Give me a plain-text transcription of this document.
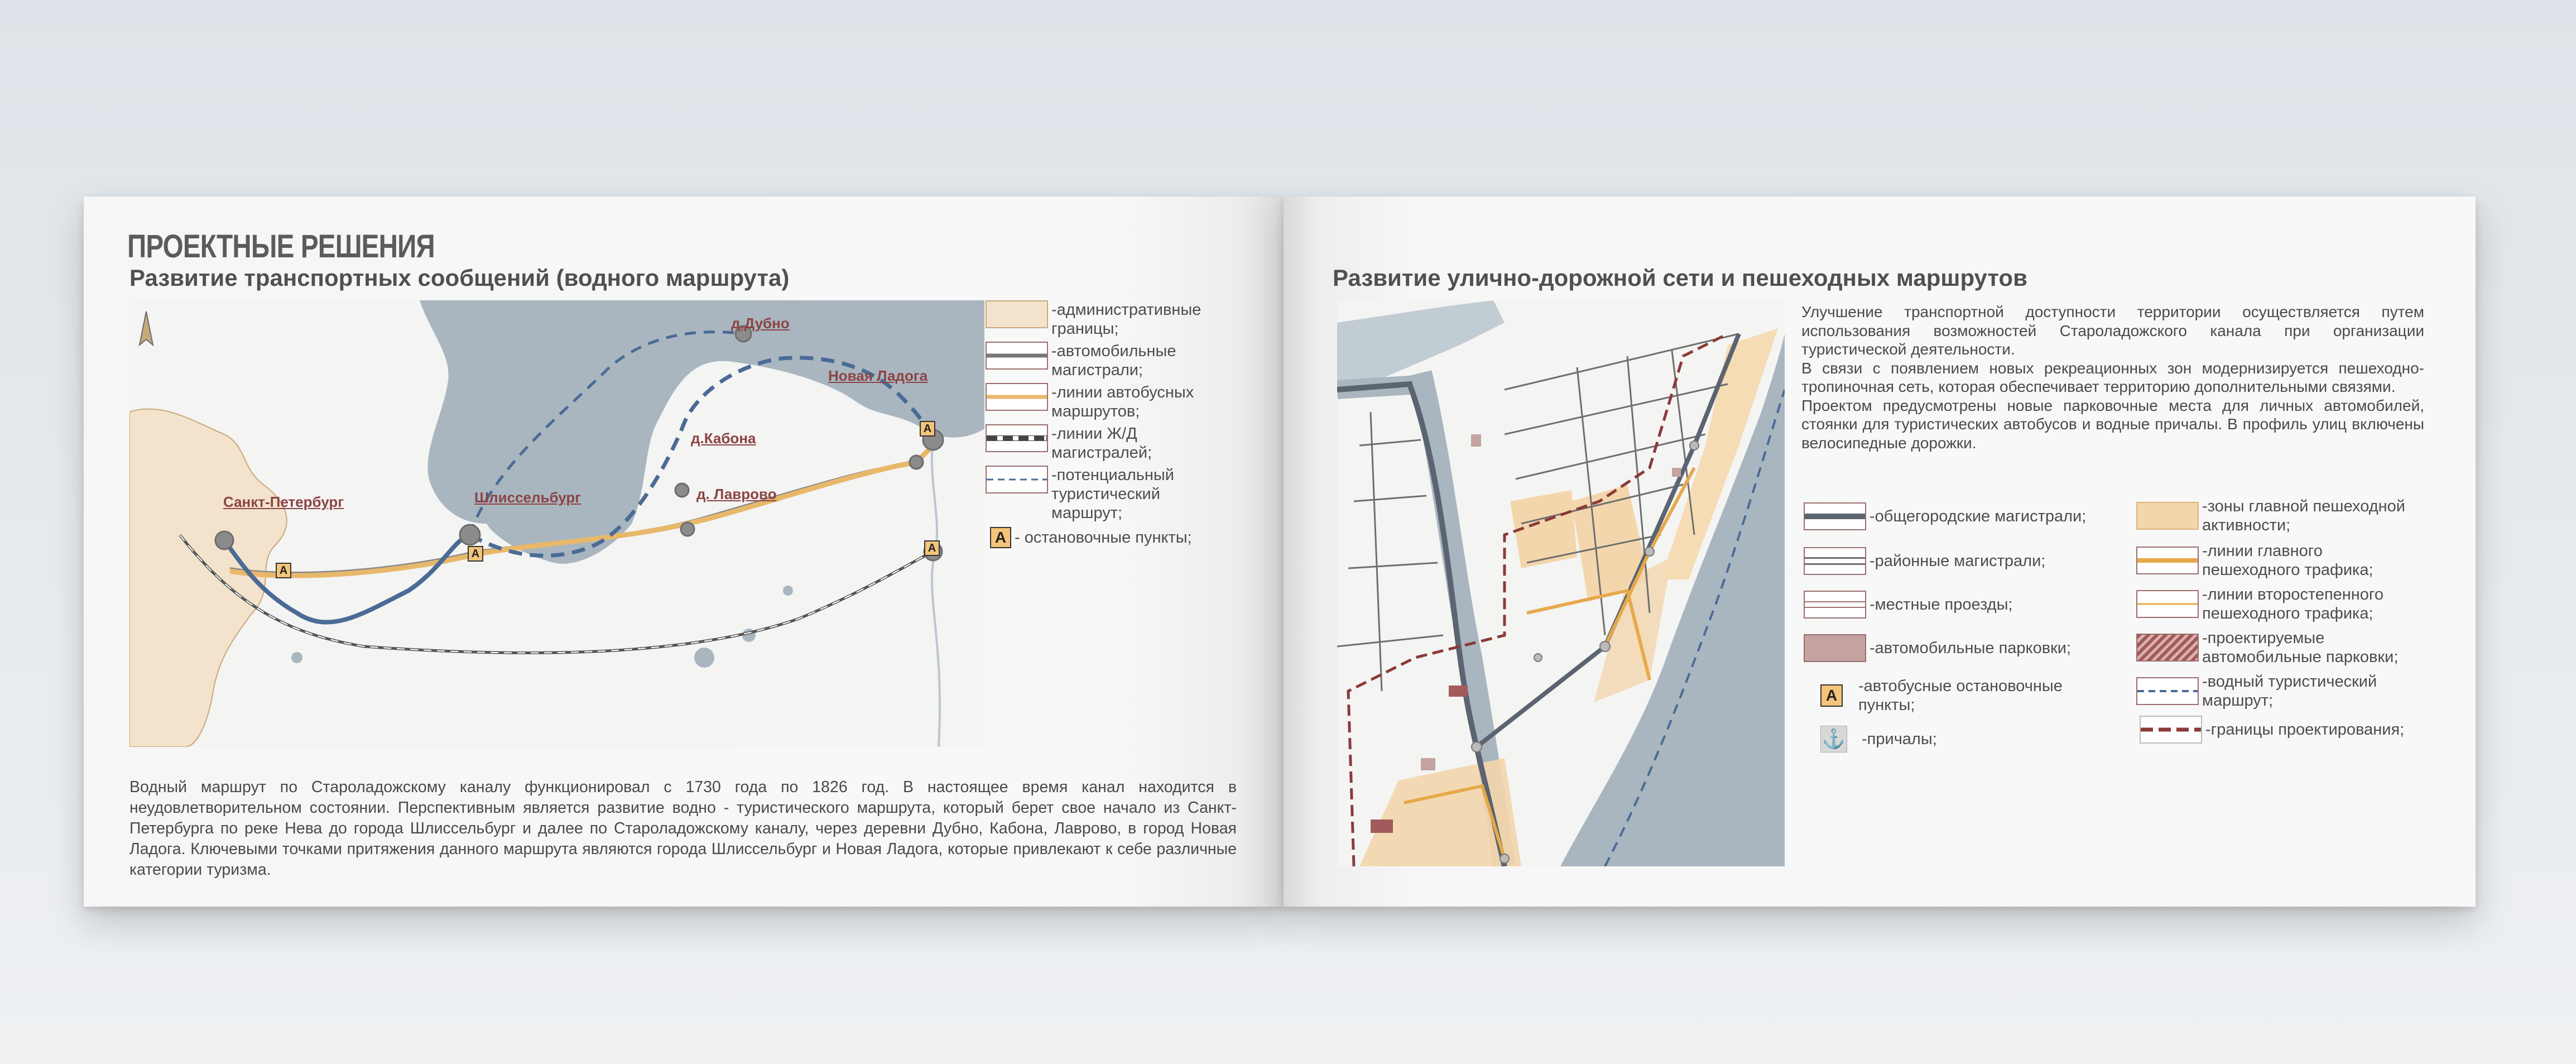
ПРОЕКТНЫЕ РЕШЕНИЯ
Развитие транспортных сообщений (водного маршрута)
Санкт-Петербург	Шлиссельбург
д.Дубно
Новая Ладога
д.Кабона
д. Лаврово
А
А
А
А
-административные границы;
-автомобильные магистрали;
-линии автобусных маршрутов;
-линии Ж/Д магистралей;
-потенциальный туристический маршрут;
А - остановочные пункты;

Водный маршрут по Староладожскому каналу функционировал с 1730 года по 1826 год. В настоящее время канал находится в неудовлетворительном состоянии. Перспективным является развитие водно - туристического маршрута, который берет свое начало из Санкт-Петербурга по реке Нева до города Шлиссельбург и далее по Староладожскому каналу, через деревни Дубно, Кабона, Лаврово, в город Новая Ладога. Ключевыми точками притяжения данного маршрута являются города Шлиссельбург и Новая Ладога, которые привлекают к себе различные категории туризма.

Развитие улично-дорожной сети и пешеходных маршрутов

Улучшение транспортной доступности территории осуществляется путем использования возможностей Староладожского канала при организации туристической деятельности.

В связи с появлением новых рекреационных зон модернизируется пешеходно-тропиночная сеть, которая обеспечивает территорию дополнительными связями.

Проектом предусмотрены новые парковочные места для личных автомобилей, стоянки для туристических автобусов и водные причалы. В профиль улиц включены велосипедные дорожки.

-общегородские магистрали;
-районные магистрали;
-местные проезды;
-автомобильные парковки;
А
-автобусные остановочные пункты;
⚓ -причалы;
-зоны главной пешеходной активности;
-линии главного пешеходного трафика;
-линии второстепенного пешеходного трафика;
-проектируемые автомобильные парковки;
-водный туристический маршрут;
-границы проектирования;
